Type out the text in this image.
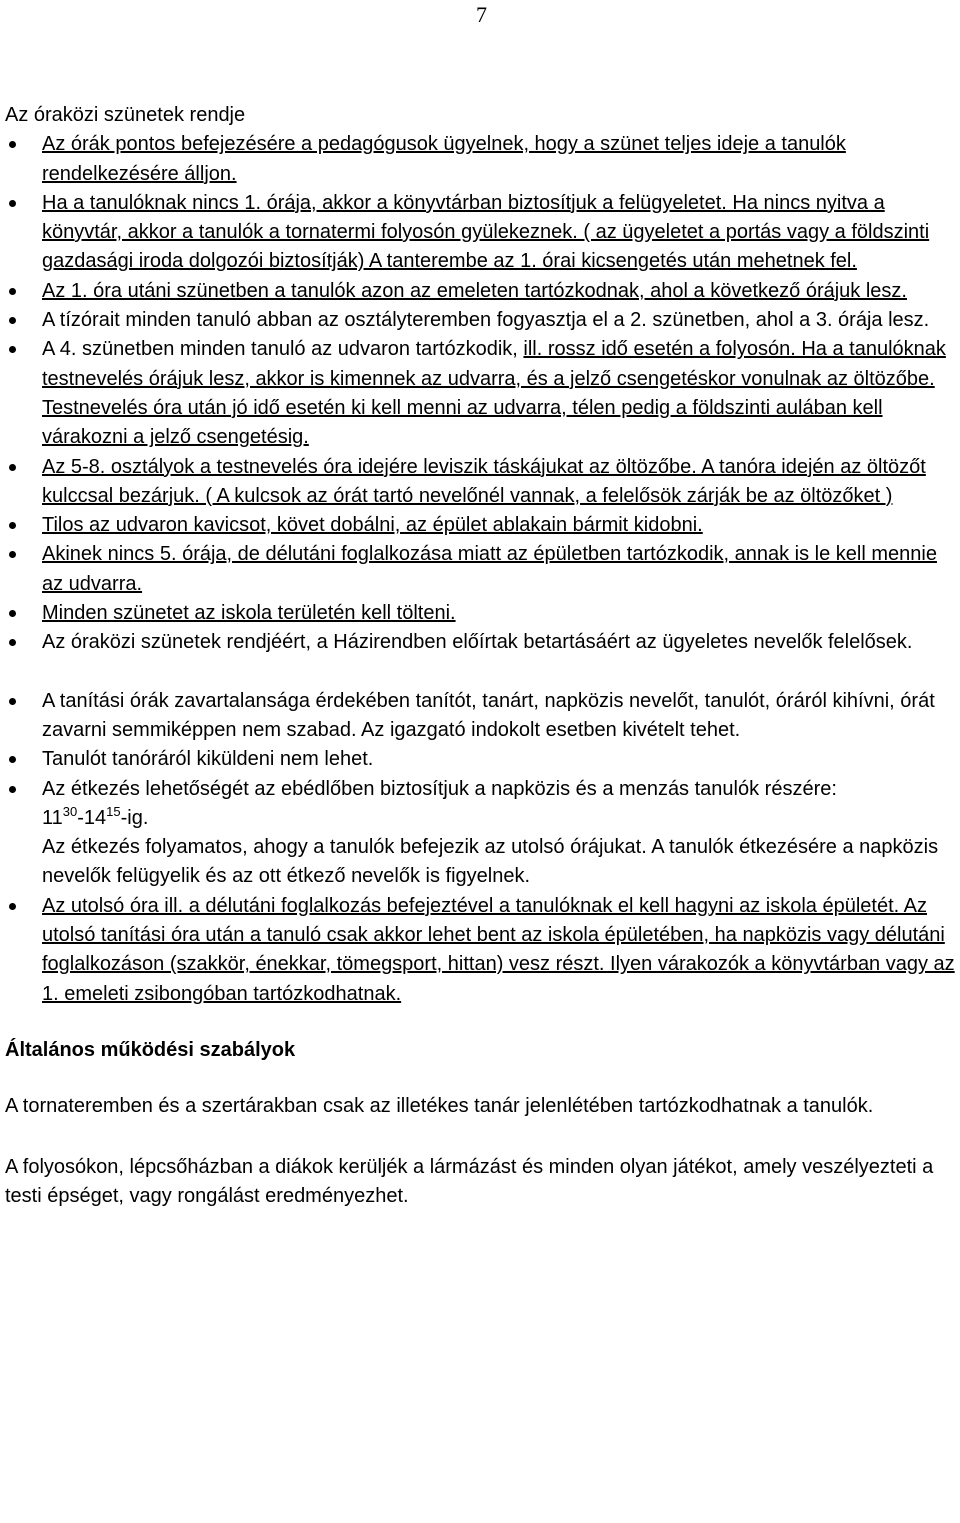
7

Az óraközi szünetek rendje

Az órák pontos befejezésére a pedagógusok ügyelnek, hogy a szünet teljes ideje a tanulók rendelkezésére álljon.
Ha a tanulóknak nincs 1. órája, akkor a könyvtárban biztosítjuk a felügyeletet. Ha nincs nyitva a könyvtár, akkor a tanulók a tornatermi folyosón gyülekeznek. ( az ügyeletet a portás vagy a földszinti gazdasági iroda dolgozói biztosítják) A tanterembe az 1. órai kicsengetés után mehetnek fel.
Az 1. óra utáni szünetben a tanulók azon az emeleten tartózkodnak, ahol a következő órájuk lesz.
A tízórait minden tanuló abban az osztályteremben fogyasztja el a 2. szünetben, ahol a 3. órája lesz.
A 4. szünetben minden tanuló az udvaron tartózkodik, ill. rossz idő esetén a folyosón. Ha a tanulóknak testnevelés órájuk lesz, akkor is kimennek az udvarra, és a jelző csengetéskor vonulnak az öltözőbe. Testnevelés óra után jó idő esetén ki kell menni az udvarra, télen pedig a földszinti aulában kell várakozni a jelző csengetésig.
Az 5-8. osztályok a testnevelés óra idejére leviszik táskájukat az öltözőbe. A tanóra idején az öltözőt kulccsal bezárjuk. ( A kulcsok az órát tartó nevelőnél vannak, a felelősök zárják be az öltözőket )
Tilos az udvaron kavicsot, követ dobálni, az épület ablakain bármit kidobni.
Akinek nincs 5. órája, de délutáni foglalkozása miatt az épületben tartózkodik, annak is le kell mennie az udvarra.
Minden szünetet az iskola területén kell tölteni.
Az óraközi szünetek rendjéért, a Házirendben előírtak betartásáért az ügyeletes nevelők felelősek.
A tanítási órák zavartalansága érdekében tanítót, tanárt, napközis nevelőt, tanulót, óráról kihívni, órát zavarni semmiképpen nem szabad. Az igazgató indokolt esetben kivételt tehet.
Tanulót tanóráról kiküldeni nem lehet.
Az étkezés lehetőségét az ebédlőben biztosítjuk a napközis és a menzás tanulók részére:
$11^{30}-14^{15}-ig$.
Az étkezés folyamatos, ahogy a tanulók befejezik az utolsó órájukat. A tanulók étkezésére a napközis nevelők felügyelik és az ott étkező nevelők is figyelnek.
Az utolsó óra ill. a délutáni foglalkozás befejeztével a tanulóknak el kell hagyni az iskola épületét. Az utolsó tanítási óra után a tanuló csak akkor lehet bent az iskola épületében, ha napközis vagy délutáni foglalkozáson (szakkör, énekkar, tömegsport, hittan) vesz részt. Ilyen várakozók a könyvtárban vagy az 1. emeleti zsibongóban tartózkodhatnak.
Általános működési szabályok

A tornateremben és a szertárakban csak az illetékes tanár jelenlétében tartózkodhatnak a tanulók.

A folyosókon, lépcsőházban a diákok kerüljék a lármázást és minden olyan játékot, amely veszélyezteti a testi épséget, vagy rongálást eredményezhet.
